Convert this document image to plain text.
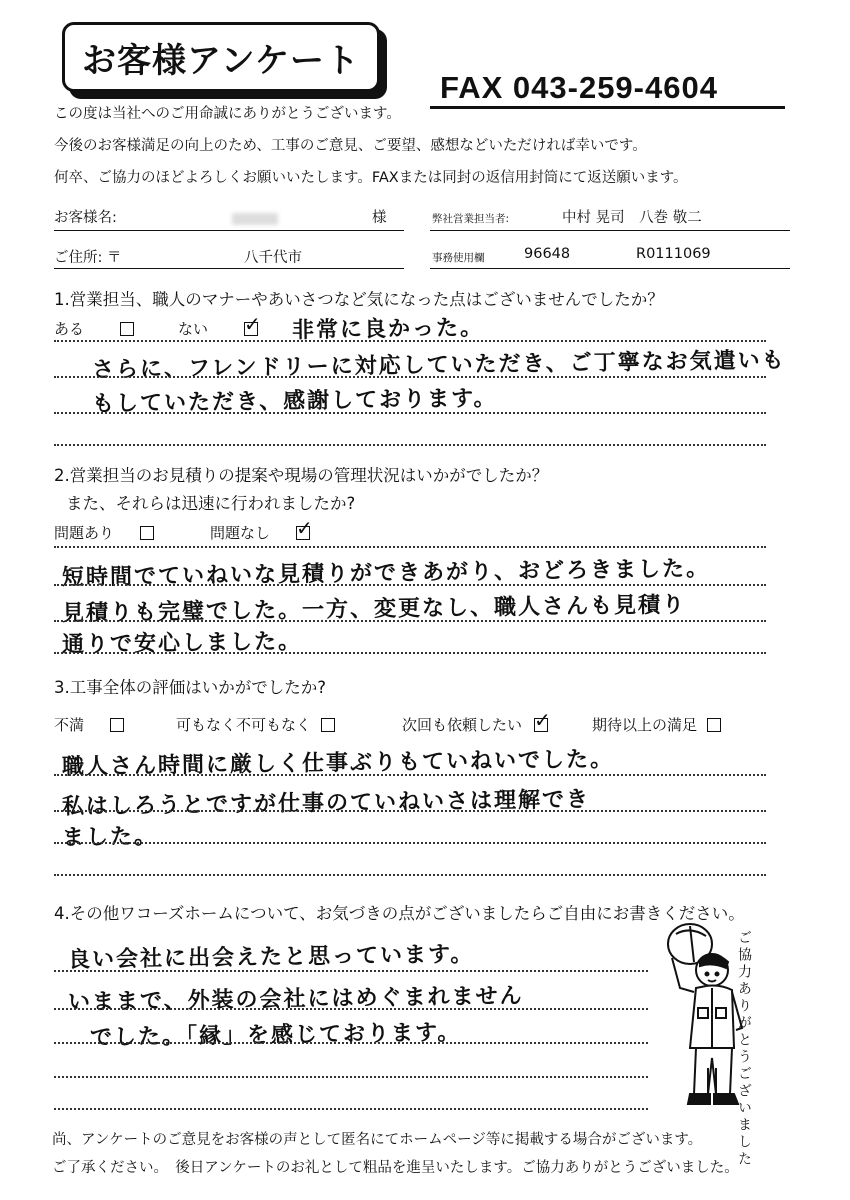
お客様アンケート
FAX 043-259-4604
この度は当社へのご用命誠にありがとうございます。
今後のお客様満足の向上のため、工事のご意見、ご要望、感想などいただければ幸いです。
何卒、ご協力のほどよろしくお願いいたします。FAXまたは同封の返信用封筒にて返送願います。
お客様名:	様	弊社営業担当者:	中村 晃司　八巻 敬二
ご住所: 〒	八千代市	事務使用欄	96648	R0111069
1.営業担当、職人のマナーやあいさつなど気になった点はございませんでしたか？
ある	ない ✓	非常に良かった。
さらに、フレンドリーに対応していただき、ご丁寧なお気遣いも
もしていただき、感謝しております。
2.営業担当のお見積りの提案や現場の管理状況はいかがでしたか？
また、それらは迅速に行われましたか?
問題あり	問題なし
✓
短時間でていねいな見積りができあがり、おどろきました。
見積りも完璧でした。一方、変更なし、職人さんも見積り
通りで安心しました。
3.工事全体の評価はいかがでしたか?
不満	可もなく不可もなく	次回も依頼したい ✓	期待以上の満足
職人さん時間に厳しく仕事ぶりもていねいでした。
私はしろうとですが仕事のていねいさは理解でき
ました。
4.その他ワコーズホームについて、お気づきの点がございましたらご自由にお書きください。
良い会社に出会えたと思っています。
いままで、外装の会社にはめぐまれません
でした。「縁」を感じております。	ご協力ありがとうございました
尚、アンケートのご意見をお客様の声として匿名にてホームページ等に掲載する場合がございます。
ご了承ください。　後日アンケートのお礼として粗品を進呈いたします。ご協力ありがとうございました。
